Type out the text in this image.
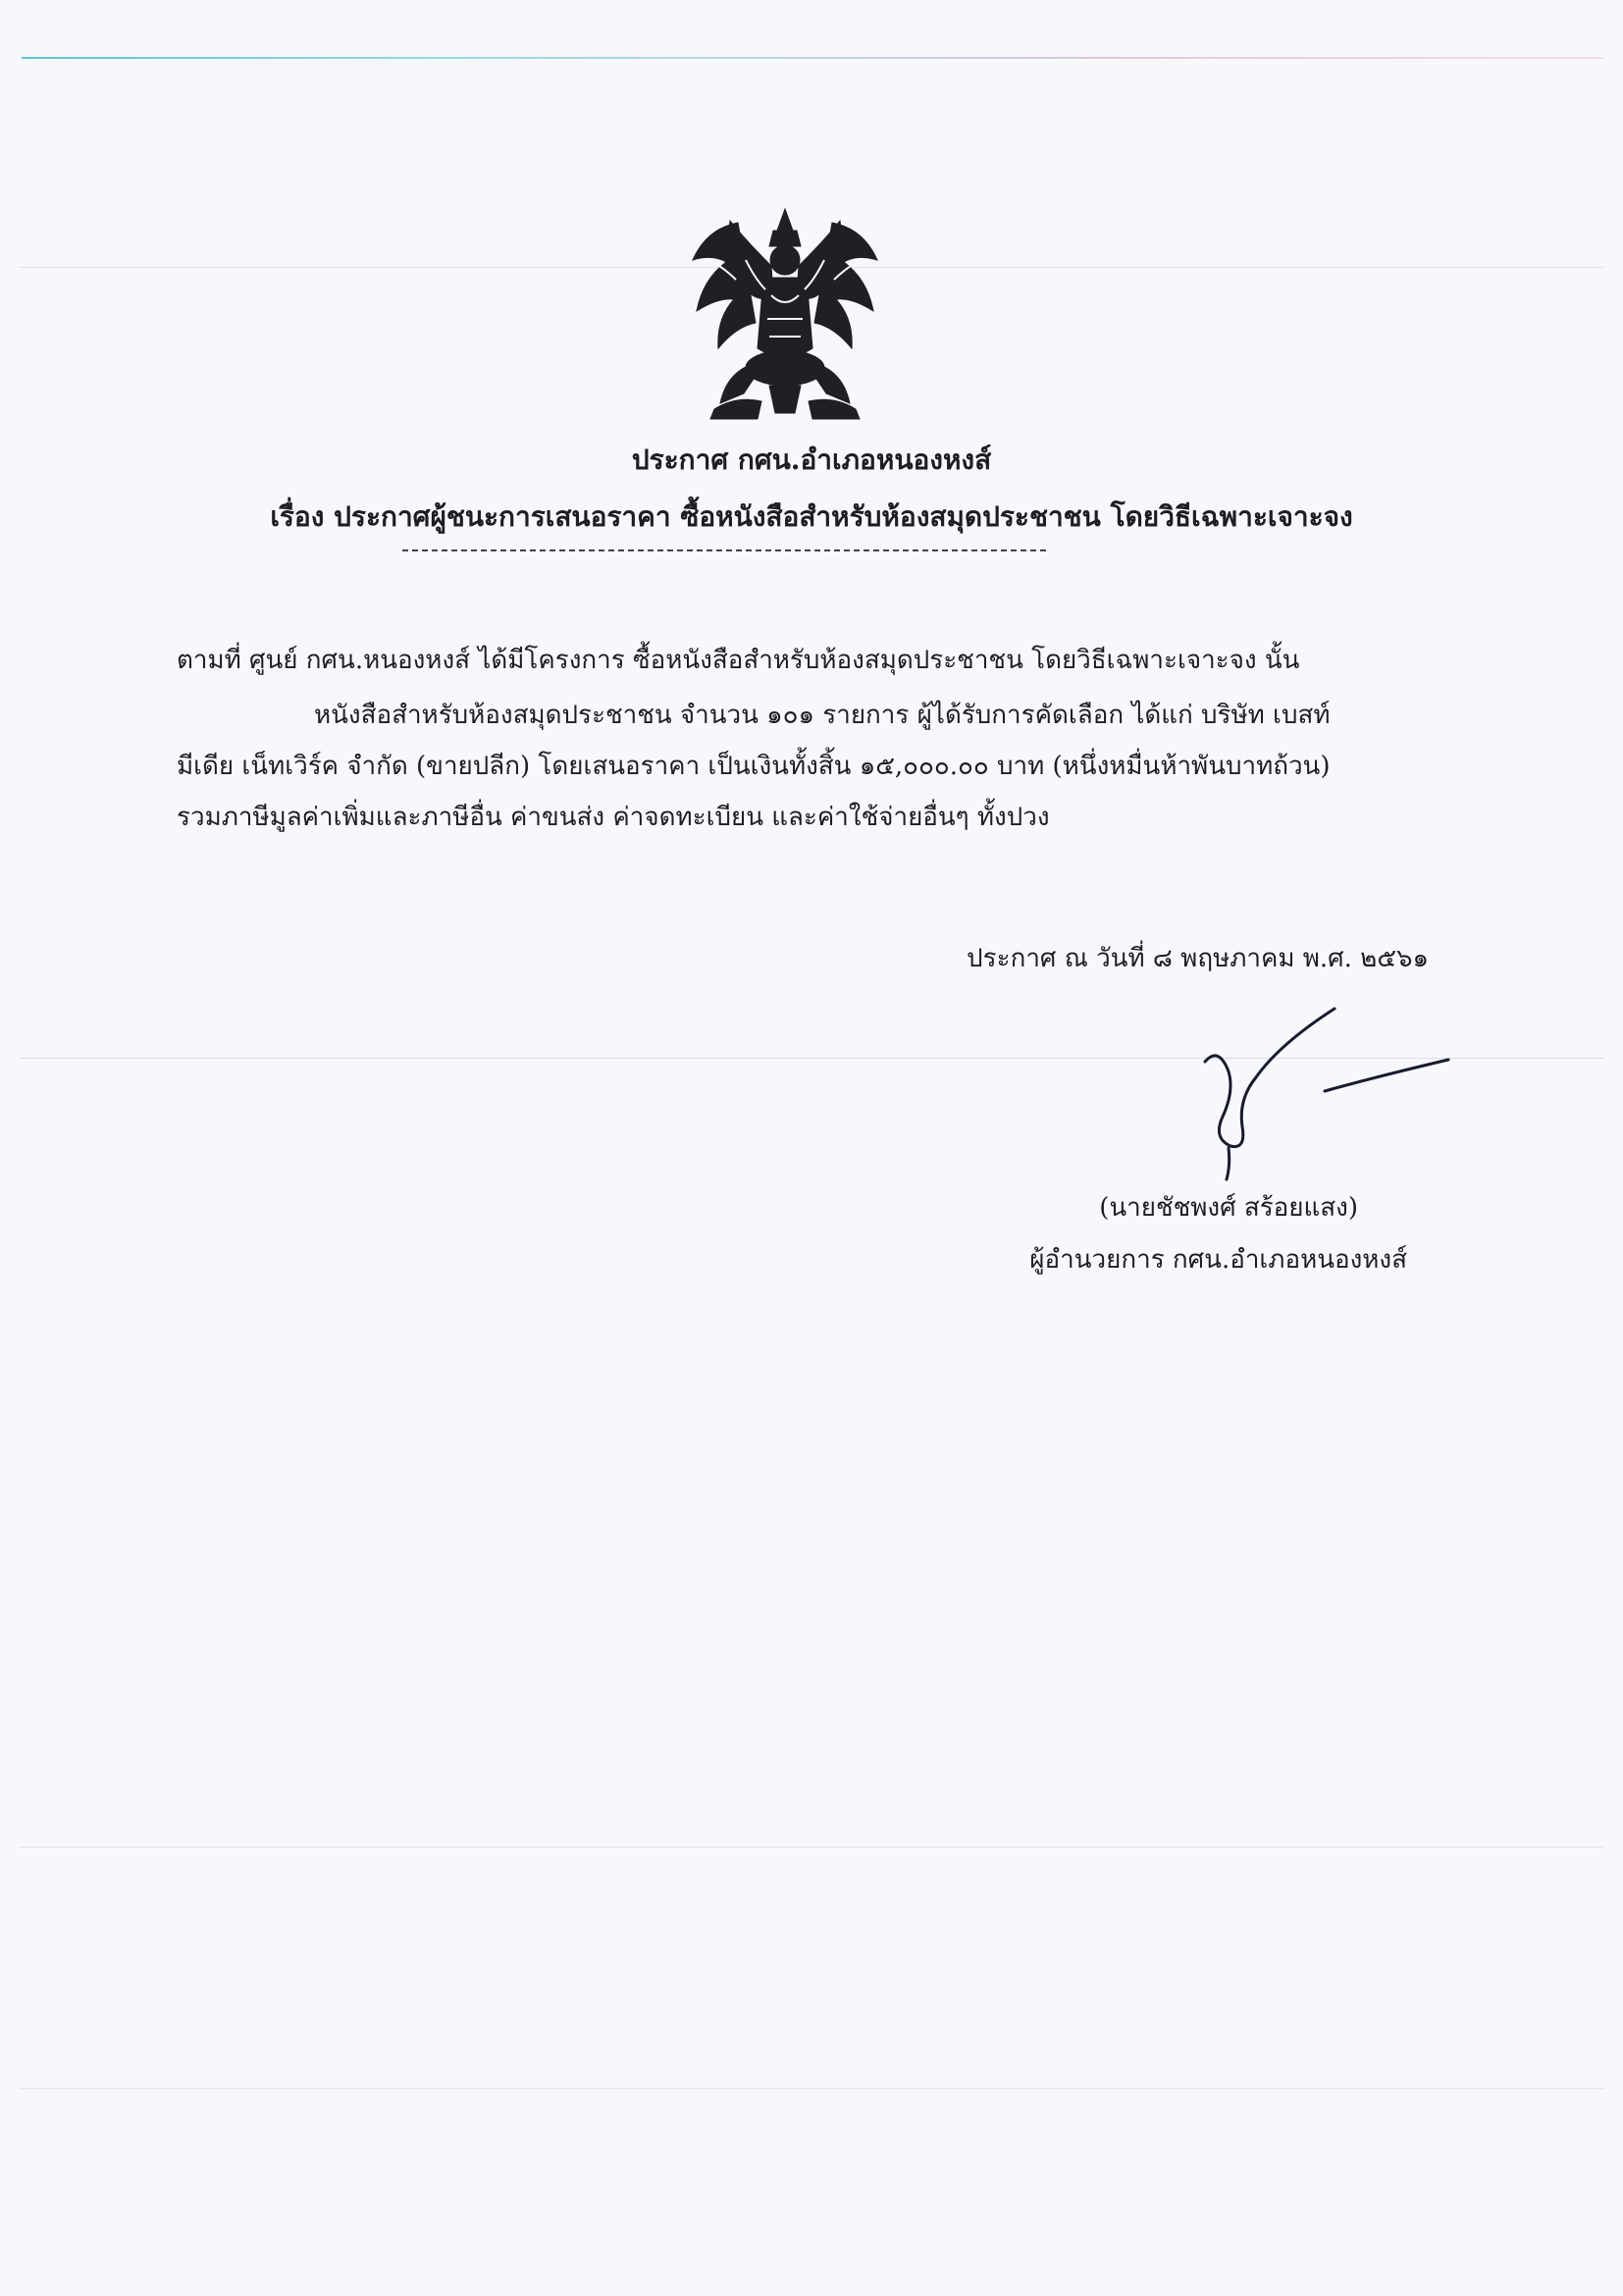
ประกาศ กศน.อำเภอหนองหงส์
เรื่อง ประกาศผู้ชนะการเสนอราคา ซื้อหนังสือสำหรับห้องสมุดประชาชน โดยวิธีเฉพาะเจาะจง
ตามที่ ศูนย์ กศน.หนองหงส์ ได้มีโครงการ ซื้อหนังสือสำหรับห้องสมุดประชาชน โดยวิธีเฉพาะเจาะจง นั้น
หนังสือสำหรับห้องสมุดประชาชน จำนวน ๑๐๑ รายการ ผู้ได้รับการคัดเลือก ได้แก่ บริษัท เบสท์
มีเดีย เน็ทเวิร์ค จำกัด (ขายปลีก) โดยเสนอราคา เป็นเงินทั้งสิ้น ๑๕,๐๐๐.๐๐ บาท (หนึ่งหมื่นห้าพันบาทถ้วน)
รวมภาษีมูลค่าเพิ่มและภาษีอื่น ค่าขนส่ง ค่าจดทะเบียน และค่าใช้จ่ายอื่นๆ ทั้งปวง
ประกาศ ณ วันที่ ๘ พฤษภาคม พ.ศ. ๒๕๖๑
(นายชัชพงศ์ สร้อยแสง)
ผู้อำนวยการ กศน.อำเภอหนองหงส์
